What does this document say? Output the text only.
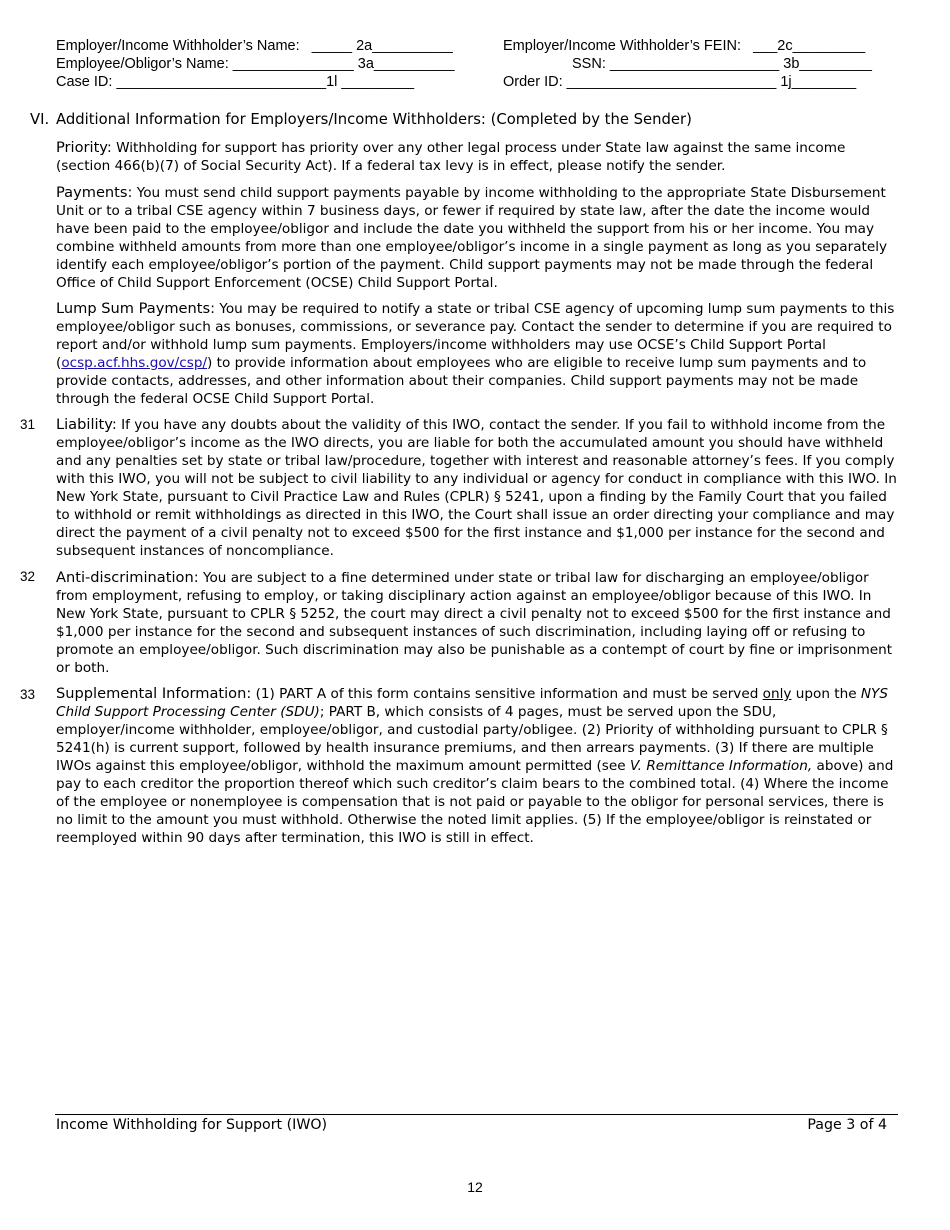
Employer/Income Withholder’s Name: _____ 2a__________
Employee/Obligor’s Name: _______________ 3a__________
Case ID: __________________________1l _________
Employer/Income Withholder’s FEIN: ___2c_________
SSN: _____________________ 3b_________
Order ID: __________________________ 1j________
VI. Additional Information for Employers/Income Withholders: (Completed by the Sender)

Priority: Withholding for support has priority over any other legal process under State law against the same income (section 466(b)(7) of Social Security Act). If a federal tax levy is in effect, please notify the sender.

Payments: You must send child support payments payable by income withholding to the appropriate State Disbursement Unit or to a tribal CSE agency within 7 business days, or fewer if required by state law, after the date the income would have been paid to the employee/obligor and include the date you withheld the support from his or her income. You may combine withheld amounts from more than one employee/obligor’s income in a single payment as long as you separately identify each employee/obligor’s portion of the payment. Child support payments may not be made through the federal Office of Child Support Enforcement (OCSE) Child Support Portal.

Lump Sum Payments: You may be required to notify a state or tribal CSE agency of upcoming lump sum payments to this employee/obligor such as bonuses, commissions, or severance pay. Contact the sender to determine if you are required to report and/or withhold lump sum payments. Employers/income withholders may use OCSE’s Child Support Portal (ocsp.acf.hhs.gov/csp/) to provide information about employees who are eligible to receive lump sum payments and to provide contacts, addresses, and other information about their companies. Child support payments may not be made through the federal OCSE Child Support Portal.

31 Liability: If you have any doubts about the validity of this IWO, contact the sender. If you fail to withhold income from the employee/obligor’s income as the IWO directs, you are liable for both the accumulated amount you should have withheld and any penalties set by state or tribal law/procedure, together with interest and reasonable attorney’s fees. If you comply with this IWO, you will not be subject to civil liability to any individual or agency for conduct in compliance with this IWO. In New York State, pursuant to Civil Practice Law and Rules (CPLR) § 5241, upon a finding by the Family Court that you failed to withhold or remit withholdings as directed in this IWO, the Court shall issue an order directing your compliance and may direct the payment of a civil penalty not to exceed $500 for the first instance and $1,000 per instance for the second and subsequent instances of noncompliance.

32 Anti-discrimination: You are subject to a fine determined under state or tribal law for discharging an employee/obligor from employment, refusing to employ, or taking disciplinary action against an employee/obligor because of this IWO. In New York State, pursuant to CPLR § 5252, the court may direct a civil penalty not to exceed $500 for the first instance and $1,000 per instance for the second and subsequent instances of such discrimination, including laying off or refusing to promote an employee/obligor. Such discrimination may also be punishable as a contempt of court by fine or imprisonment or both.

33 Supplemental Information: (1) PART A of this form contains sensitive information and must be served only upon the NYS Child Support Processing Center (SDU); PART B, which consists of 4 pages, must be served upon the SDU, employer/income withholder, employee/obligor, and custodial party/obligee. (2) Priority of withholding pursuant to CPLR § 5241(h) is current support, followed by health insurance premiums, and then arrears payments. (3) If there are multiple IWOs against this employee/obligor, withhold the maximum amount permitted (see V. Remittance Information, above) and pay to each creditor the proportion thereof which such creditor’s claim bears to the combined total. (4) Where the income of the employee or nonemployee is compensation that is not paid or payable to the obligor for personal services, there is no limit to the amount you must withhold. Otherwise the noted limit applies. (5) If the employee/obligor is reinstated or reemployed within 90 days after termination, this IWO is still in effect.

Income Withholding for Support (IWO)	Page 3 of 4
12
